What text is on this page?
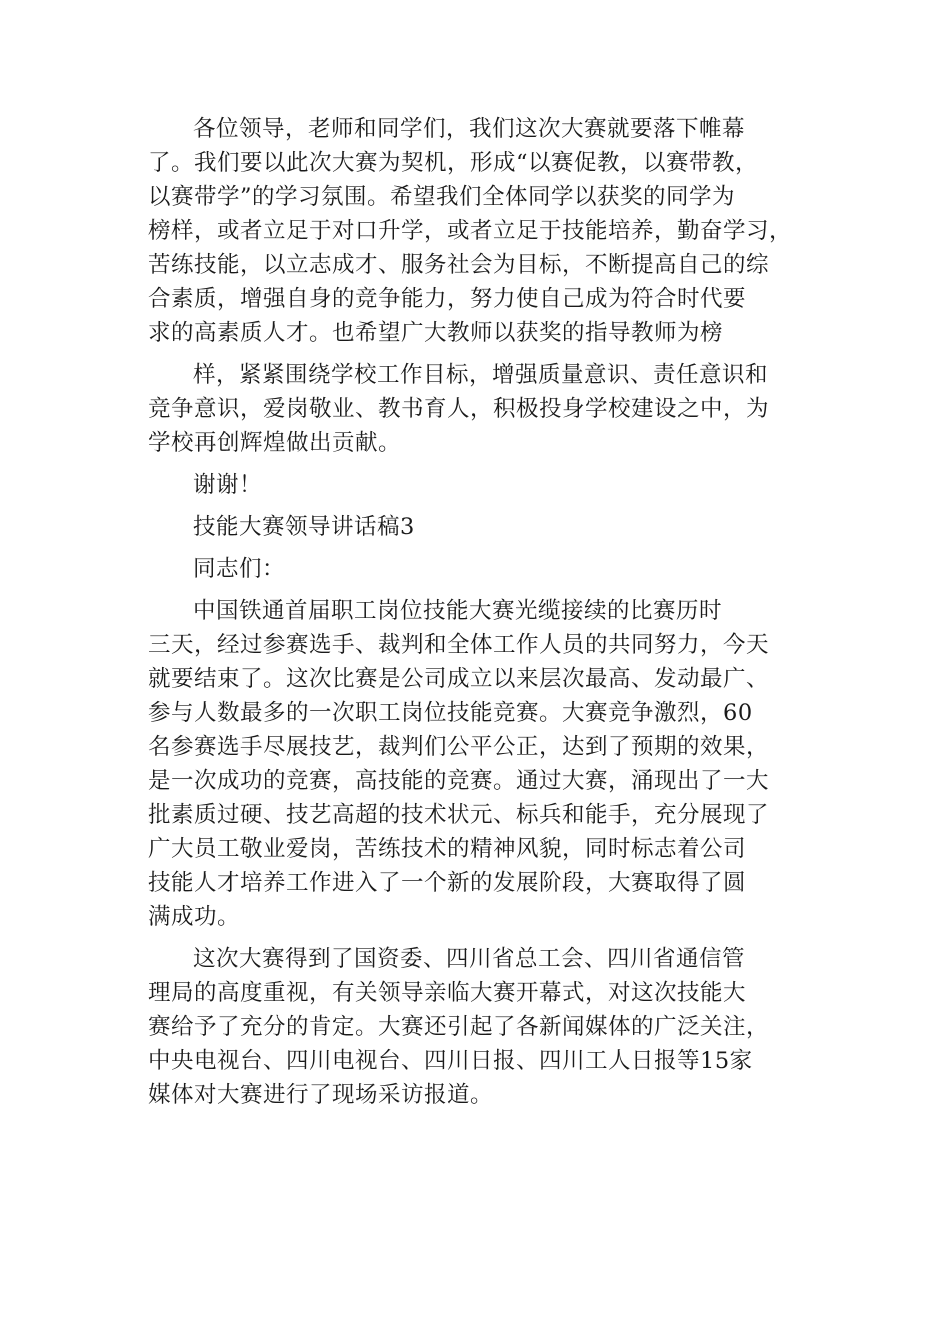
各位领导，老师和同学们，我们这次大赛就要落下帷幕
了。我们要以此次大赛为契机，形成“以赛促教，以赛带教，
以赛带学”的学习氛围。希望我们全体同学以获奖的同学为
榜样，或者立足于对口升学，或者立足于技能培养，勤奋学习，
苦练技能，以立志成才、服务社会为目标，不断提高自己的综
合素质，增强自身的竞争能力，努力使自己成为符合时代要
求的高素质人才。也希望广大教师以获奖的指导教师为榜
样，紧紧围绕学校工作目标，增强质量意识、责任意识和
竞争意识，爱岗敬业、教书育人，积极投身学校建设之中，为
学校再创辉煌做出贡献。
谢谢！
技能大赛领导讲话稿3
同志们：
中国铁通首届职工岗位技能大赛光缆接续的比赛历时
三天，经过参赛选手、裁判和全体工作人员的共同努力，今天
就要结束了。这次比赛是公司成立以来层次最高、发动最广、
参与人数最多的一次职工岗位技能竞赛。大赛竞争激烈，60
名参赛选手尽展技艺，裁判们公平公正，达到了预期的效果，
是一次成功的竞赛，高技能的竞赛。通过大赛，涌现出了一大
批素质过硬、技艺高超的技术状元、标兵和能手，充分展现了
广大员工敬业爱岗，苦练技术的精神风貌，同时标志着公司
技能人才培养工作进入了一个新的发展阶段，大赛取得了圆
满成功。
这次大赛得到了国资委、四川省总工会、四川省通信管
理局的高度重视，有关领导亲临大赛开幕式，对这次技能大
赛给予了充分的肯定。大赛还引起了各新闻媒体的广泛关注，
中央电视台、四川电视台、四川日报、四川工人日报等15家
媒体对大赛进行了现场采访报道。
